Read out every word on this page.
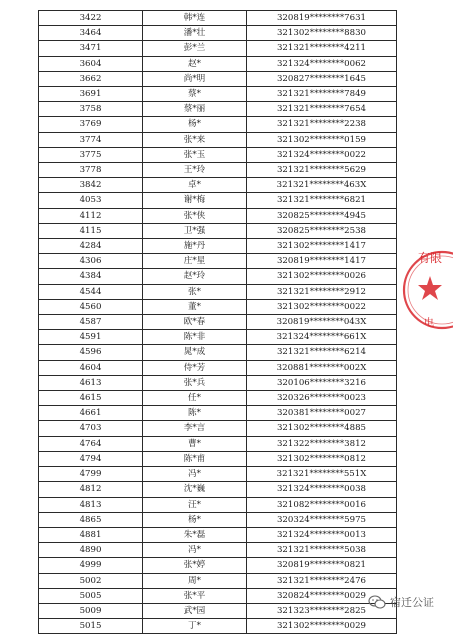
3422	韩*连	320819********7631
3464	潘*壮	321302********8830
3471	彭*兰	321321********4211
3604	赵*	321324********0062
3662	尚*明	320827********1645
3691	蔡*	321321********7849
3758	蔡*丽	321321********7654
3769	杨*	321321********2238
3774	张*来	321302********0159
3775	张*玉	321324********0022
3778	王*玲	321321********5629
3842	卓*	321321********463X
4053	谢*梅	321321********6821
4112	张*侠	320825********4945
4115	卫*强	320825********2538
4284	施*丹	321302********1417
4306	庄*星	320819********1417
4384	赵*玲	321302********0026
4544	张*	321321********2912
4560	董*	321302********0022
4587	欧*春	320819********043X
4591	陈*非	321324********661X
4596	晁*成	321321********6214
4604	侍*芳	320881********002X
4613	张*兵	320106********3216
4615	任*	320326********0023
4661	陈*	320381********0027
4703	李*言	321302********4885
4764	曹*	321322********3812
4794	陈*甫	321302********0812
4799	冯*	321321********551X
4812	沈*巍	321324********0038
4813	汪*	321082********0016
4865	杨*	320324********5975
4881	朱*磊	321324********0013
4890	冯*	321321********5038
4999	张*婷	320819********0821
5002	周*	321321********2476
5005	张*平	320824********0029
5009	武*园	321323********2825
5015	丁*	321302********0029
有限
电
宿迁公证
